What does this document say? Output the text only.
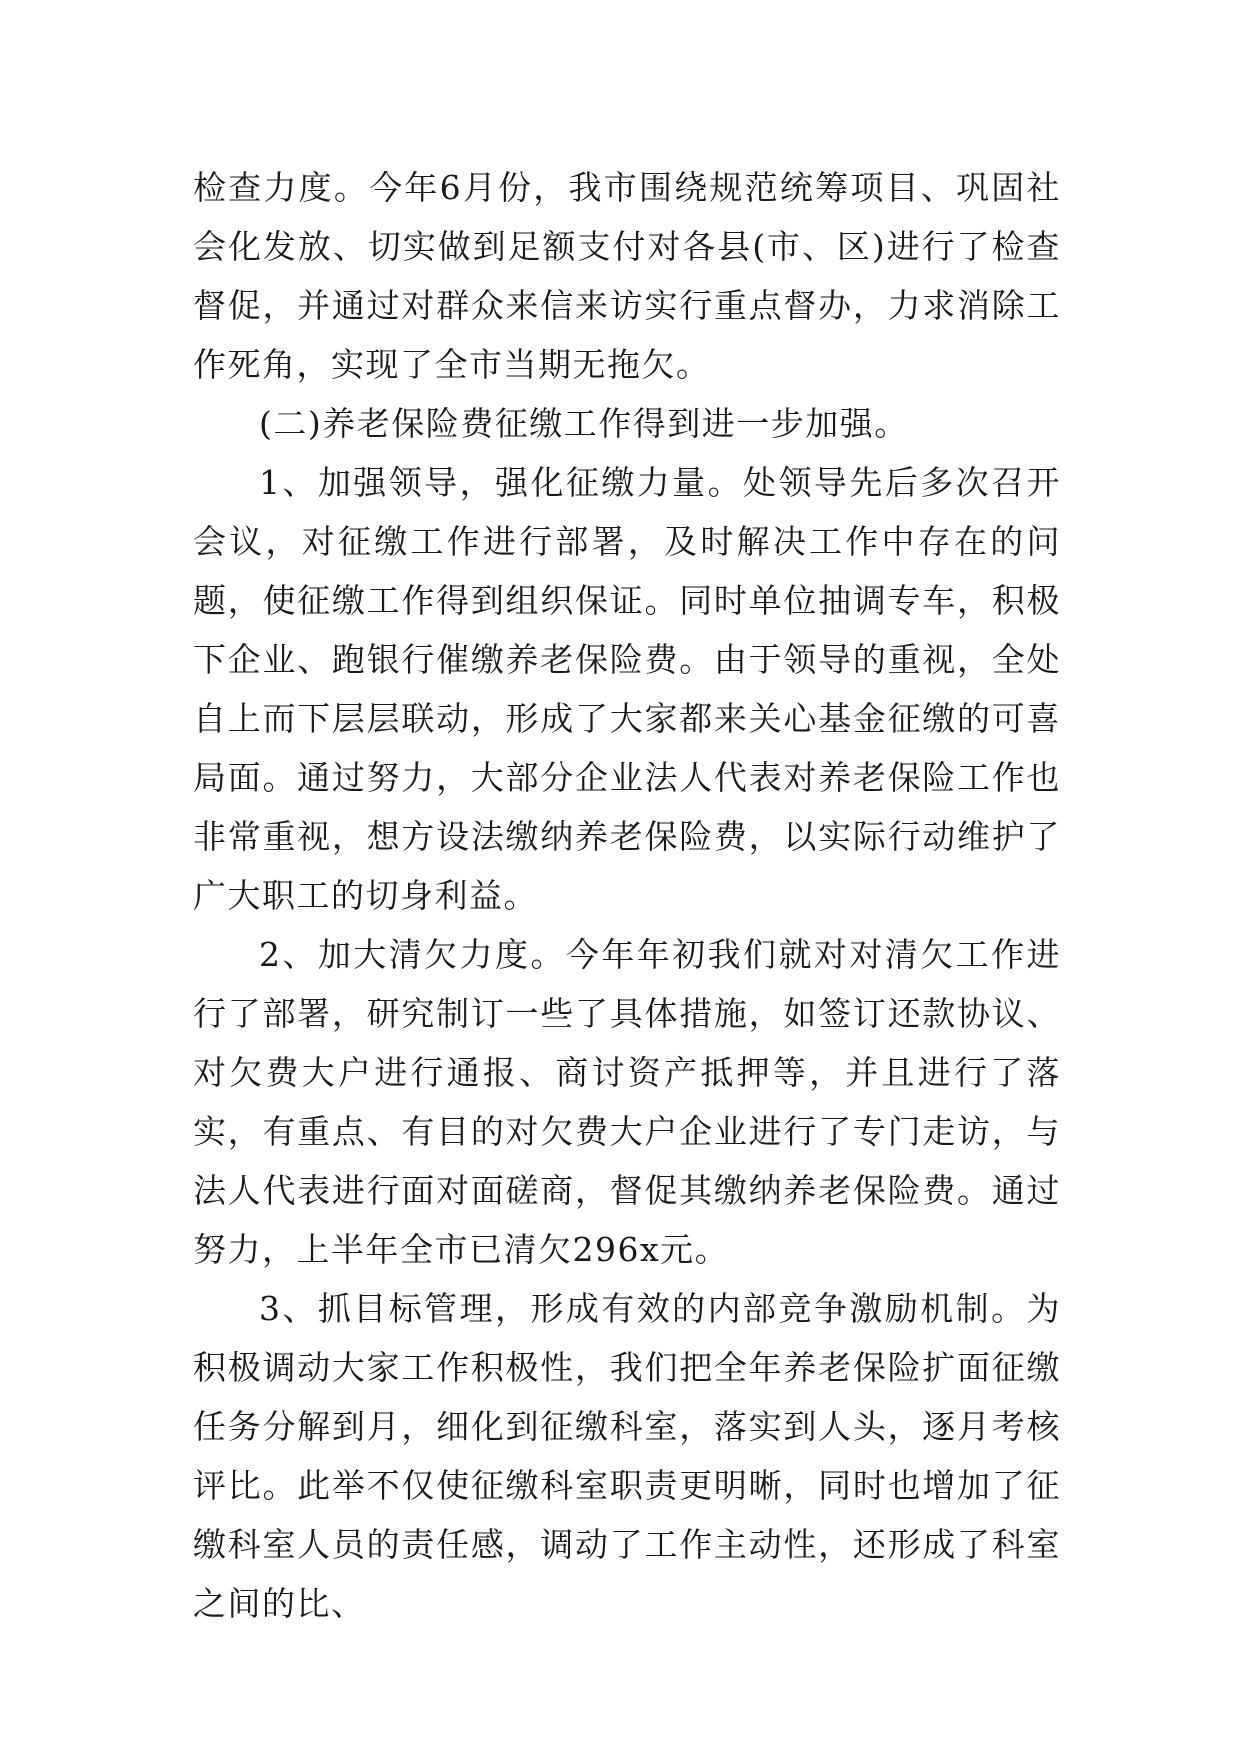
检查力度。今年6月份，我市围绕规范统筹项目、巩固社会化发放、切实做到足额支付对各县(市、区)进行了检查督促，并通过对群众来信来访实行重点督办，力求消除工作死角，实现了全市当期无拖欠。

(二)养老保险费征缴工作得到进一步加强。

1、加强领导，强化征缴力量。处领导先后多次召开会议，对征缴工作进行部署，及时解决工作中存在的问题，使征缴工作得到组织保证。同时单位抽调专车，积极下企业、跑银行催缴养老保险费。由于领导的重视，全处自上而下层层联动，形成了大家都来关心基金征缴的可喜局面。通过努力，大部分企业法人代表对养老保险工作也非常重视，想方设法缴纳养老保险费，以实际行动维护了广大职工的切身利益。

2、加大清欠力度。今年年初我们就对对清欠工作进行了部署，研究制订一些了具体措施，如签订还款协议、对欠费大户进行通报、商讨资产抵押等，并且进行了落实，有重点、有目的对欠费大户企业进行了专门走访，与法人代表进行面对面磋商，督促其缴纳养老保险费。通过努力，上半年全市已清欠296x元。

3、抓目标管理，形成有效的内部竞争激励机制。为积极调动大家工作积极性，我们把全年养老保险扩面征缴任务分解到月，细化到征缴科室，落实到人头，逐月考核评比。此举不仅使征缴科室职责更明晰，同时也增加了征缴科室人员的责任感，调动了工作主动性，还形成了科室之间的比、
